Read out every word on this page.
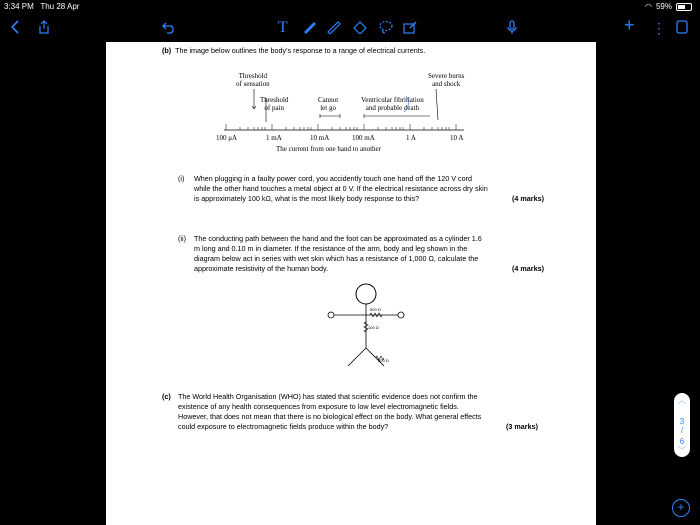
3:34 PM Thu 28 Apr	◠ 59%
T	+ ⋮
(b) The image below outlines the body's response to a range of electrical currents.
Threshold
of sensation
Threshold
of pain
Cannot
let go
Ventricular fibrillation
and probable death
Severe burns
and shock
100 μA	1 mA	10 mA	100 mA	1 A	10 A
The current from one hand to another
(i) When plugging in a faulty power cord, you accidently touch one hand off the 120 V cord
while the other hand touches a metal object at 0 V. If the electrical resistance across dry skin
is approximately 100 kΩ, what is the most likely body response to this?	(4 marks)
(ii) The conducting path between the hand and the foot can be approximated as a cylinder 1.6
m long and 0.10 m in diameter. If the resistance of the arm, body and leg shown in the
diagram below act in series with wet skin which has a resistance of 1,000 Ω, calculate the
approximate resistivity of the human body.	(4 marks)
500 Ω
100 Ω
500 Ω
(c) The World Health Organisation (WHO) has stated that scientific evidence does not confirm the
existence of any health consequences from exposure to low level electromagnetic fields.
However, that does not mean that there is no biological effect on the body. What general effects
could exposure to electromagnetic fields produce within the body?	(3 marks)
︿
3
/
6
﹀
+
